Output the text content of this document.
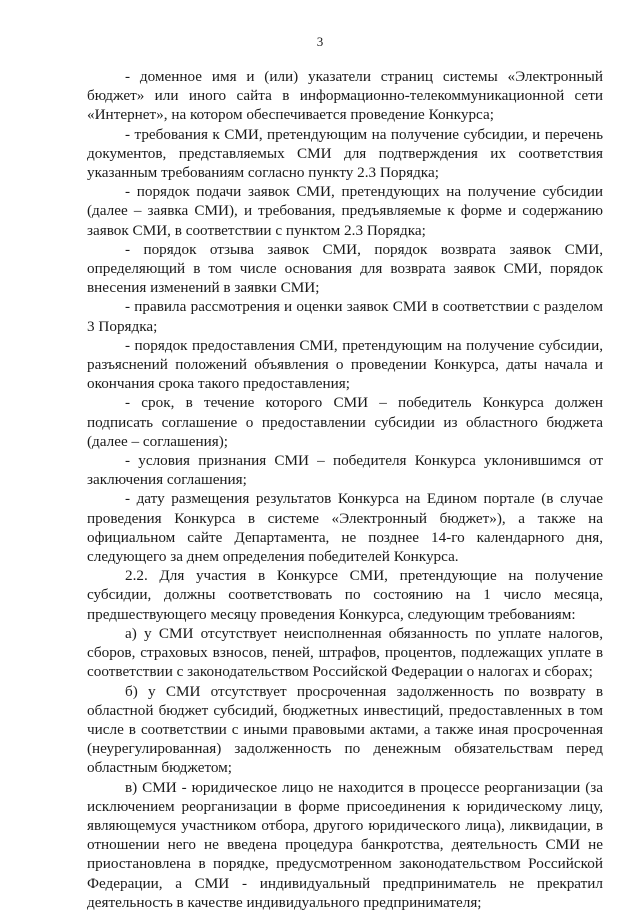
3

- доменное имя и (или) указатели страниц системы «Электронный бюджет» или иного сайта в информационно-телекоммуникационной сети «Интернет», на котором обеспечивается проведение Конкурса;

- требования к СМИ, претендующим на получение субсидии, и перечень документов, представляемых СМИ для подтверждения их соответствия указанным требованиям согласно пункту 2.3 Порядка;

- порядок подачи заявок СМИ, претендующих на получение субсидии (далее – заявка СМИ), и требования, предъявляемые к форме и содержанию заявок СМИ, в соответствии с пунктом 2.3 Порядка;

- порядок отзыва заявок СМИ, порядок возврата заявок СМИ, определяющий в том числе основания для возврата заявок СМИ, порядок внесения изменений в заявки СМИ;

- правила рассмотрения и оценки заявок СМИ в соответствии с разделом 3 Порядка;

- порядок предоставления СМИ, претендующим на получение субсидии, разъяснений положений объявления о проведении Конкурса, даты начала и окончания срока такого предоставления;

- срок, в течение которого СМИ – победитель Конкурса должен подписать соглашение о предоставлении субсидии из областного бюджета (далее – соглашения);

- условия признания СМИ – победителя Конкурса уклонившимся от заключения соглашения;

- дату размещения результатов Конкурса на Едином портале (в случае проведения Конкурса в системе «Электронный бюджет»), а также на официальном сайте Департамента, не позднее 14-го календарного дня, следующего за днем определения победителей Конкурса.

2.2. Для участия в Конкурсе СМИ, претендующие на получение субсидии, должны соответствовать по состоянию на 1 число месяца, предшествующего месяцу проведения Конкурса, следующим требованиям:

а) у СМИ отсутствует неисполненная обязанность по уплате налогов, сборов, страховых взносов, пеней, штрафов, процентов, подлежащих уплате в соответствии с законодательством Российской Федерации о налогах и сборах;

б) у СМИ отсутствует просроченная задолженность по возврату в областной бюджет субсидий, бюджетных инвестиций, предоставленных в том числе в соответствии с иными правовыми актами, а также иная просроченная (неурегулированная) задолженность по денежным обязательствам перед областным бюджетом;

в) СМИ - юридическое лицо не находится в процессе реорганизации (за исключением реорганизации в форме присоединения к юридическому лицу, являющемуся участником отбора, другого юридического лица), ликвидации, в отношении него не введена процедура банкротства, деятельность СМИ не приостановлена в порядке, предусмотренном законодательством Российской Федерации, а СМИ - индивидуальный предприниматель не прекратил деятельность в качестве индивидуального предпринимателя;
